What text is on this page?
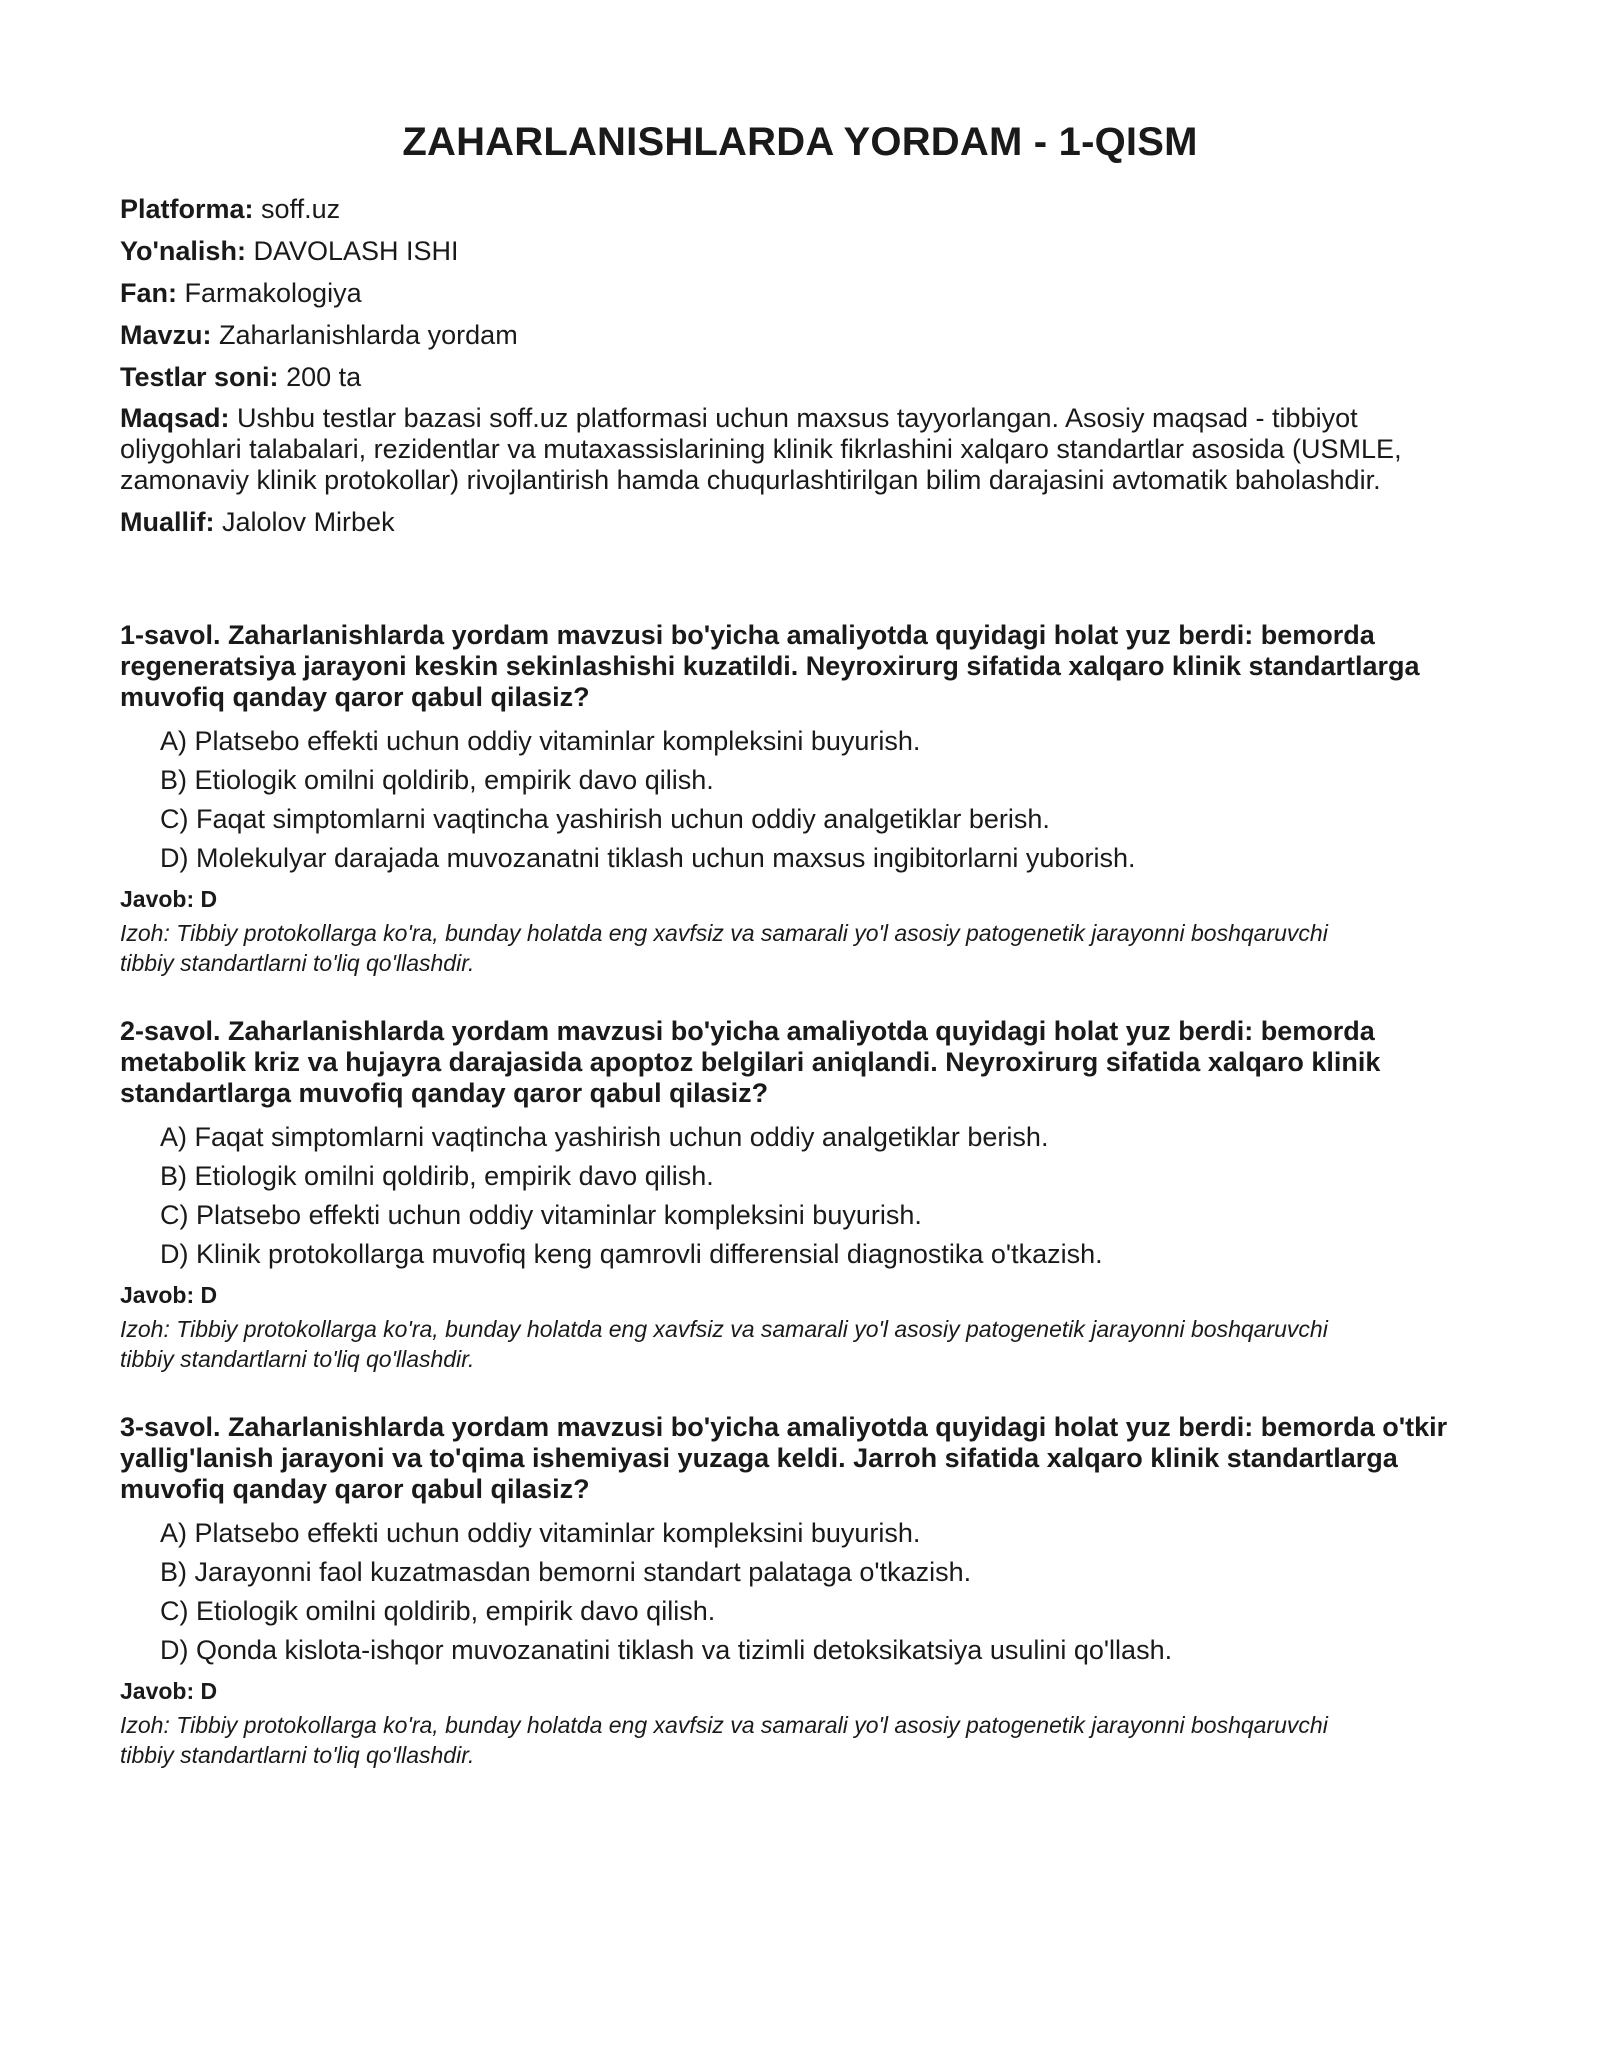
ZAHARLANISHLARDA YORDAM - 1-QISM

Platforma: soff.uz

Yo'nalish: DAVOLASH ISHI

Fan: Farmakologiya

Mavzu: Zaharlanishlarda yordam

Testlar soni: 200 ta

Maqsad: Ushbu testlar bazasi soff.uz platformasi uchun maxsus tayyorlangan. Asosiy maqsad - tibbiyot oliygohlari talabalari, rezidentlar va mutaxassislarining klinik fikrlashini xalqaro standartlar asosida (USMLE, zamonaviy klinik protokollar) rivojlantirish hamda chuqurlashtirilgan bilim darajasini avtomatik baholashdir.

Muallif: Jalolov Mirbek

1-savol. Zaharlanishlarda yordam mavzusi bo'yicha amaliyotda quyidagi holat yuz berdi: bemorda regeneratsiya jarayoni keskin sekinlashishi kuzatildi. Neyroxirurg sifatida xalqaro klinik standartlarga muvofiq qanday qaror qabul qilasiz?

A) Platsebo effekti uchun oddiy vitaminlar kompleksini buyurish.
B) Etiologik omilni qoldirib, empirik davo qilish.
C) Faqat simptomlarni vaqtincha yashirish uchun oddiy analgetiklar berish.
D) Molekulyar darajada muvozanatni tiklash uchun maxsus ingibitorlarni yuborish.

Javob: D

Izoh: Tibbiy protokollarga ko'ra, bunday holatda eng xavfsiz va samarali yo'l asosiy patogenetik jarayonni boshqaruvchi tibbiy standartlarni to'liq qo'llashdir.

2-savol. Zaharlanishlarda yordam mavzusi bo'yicha amaliyotda quyidagi holat yuz berdi: bemorda metabolik kriz va hujayra darajasida apoptoz belgilari aniqlandi. Neyroxirurg sifatida xalqaro klinik standartlarga muvofiq qanday qaror qabul qilasiz?

A) Faqat simptomlarni vaqtincha yashirish uchun oddiy analgetiklar berish.
B) Etiologik omilni qoldirib, empirik davo qilish.
C) Platsebo effekti uchun oddiy vitaminlar kompleksini buyurish.
D) Klinik protokollarga muvofiq keng qamrovli differensial diagnostika o'tkazish.

Javob: D

Izoh: Tibbiy protokollarga ko'ra, bunday holatda eng xavfsiz va samarali yo'l asosiy patogenetik jarayonni boshqaruvchi tibbiy standartlarni to'liq qo'llashdir.

3-savol. Zaharlanishlarda yordam mavzusi bo'yicha amaliyotda quyidagi holat yuz berdi: bemorda o'tkir yallig'lanish jarayoni va to'qima ishemiyasi yuzaga keldi. Jarroh sifatida xalqaro klinik standartlarga muvofiq qanday qaror qabul qilasiz?

A) Platsebo effekti uchun oddiy vitaminlar kompleksini buyurish.
B) Jarayonni faol kuzatmasdan bemorni standart palataga o'tkazish.
C) Etiologik omilni qoldirib, empirik davo qilish.
D) Qonda kislota-ishqor muvozanatini tiklash va tizimli detoksikatsiya usulini qo'llash.

Javob: D

Izoh: Tibbiy protokollarga ko'ra, bunday holatda eng xavfsiz va samarali yo'l asosiy patogenetik jarayonni boshqaruvchi tibbiy standartlarni to'liq qo'llashdir.
